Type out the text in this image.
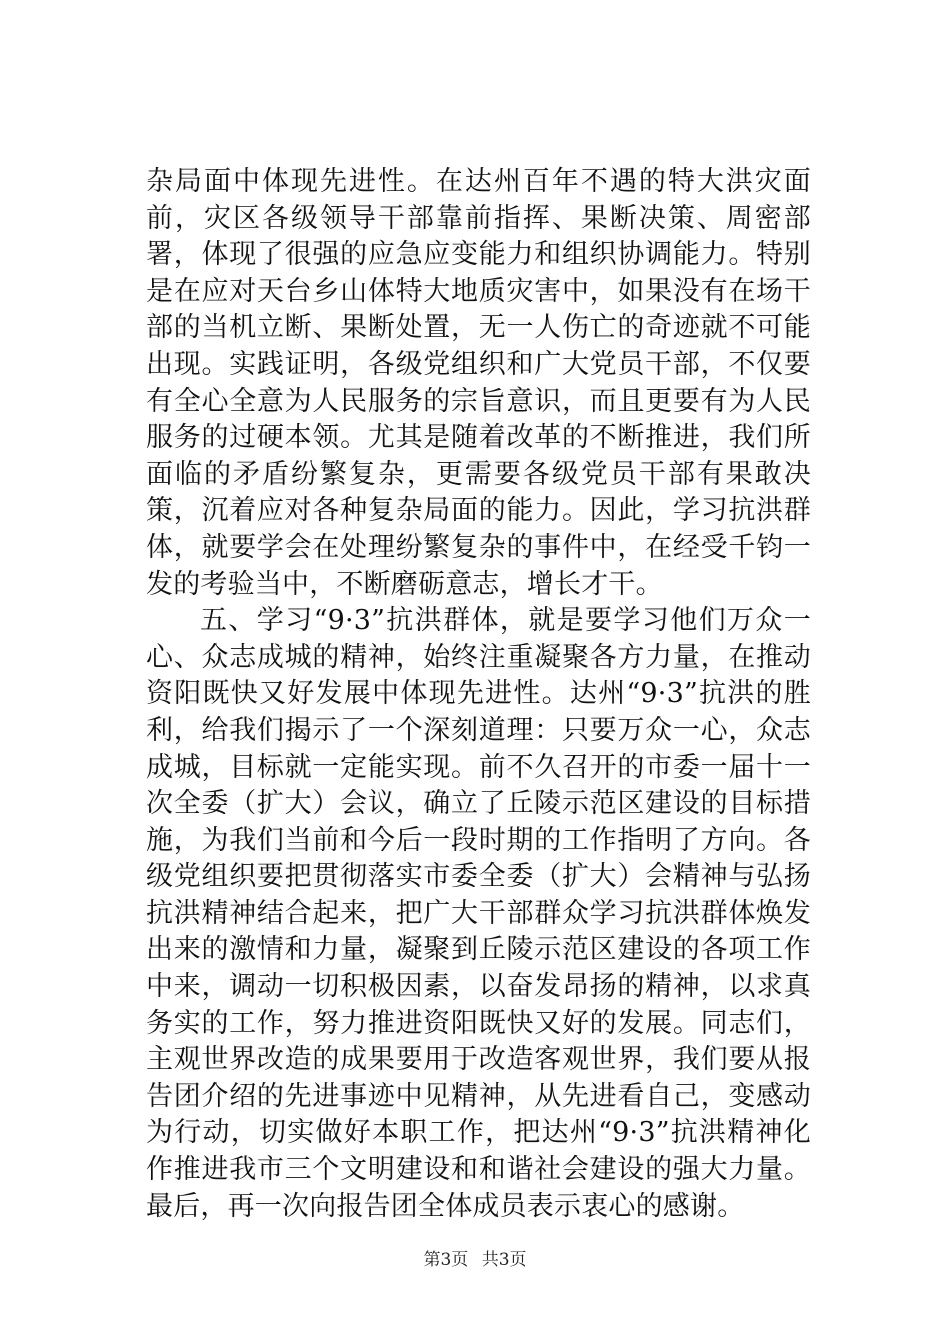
杂局面中体现先进性。在达州百年不遇的特大洪灾面前，灾区各级领导干部靠前指挥、果断决策、周密部署，体现了很强的应急应变能力和组织协调能力。特别是在应对天台乡山体特大地质灾害中，如果没有在场干部的当机立断、果断处置，无一人伤亡的奇迹就不可能出现。实践证明，各级党组织和广大党员干部，不仅要有全心全意为人民服务的宗旨意识，而且更要有为人民服务的过硬本领。尤其是随着改革的不断推进，我们所面临的矛盾纷繁复杂，更需要各级党员干部有果敢决策，沉着应对各种复杂局面的能力。因此，学习抗洪群体，就要学会在处理纷繁复杂的事件中，在经受千钧一发的考验当中，不断磨砺意志，增长才干。

五、学习“9·3”抗洪群体，就是要学习他们万众一心、众志成城的精神，始终注重凝聚各方力量，在推动资阳既快又好发展中体现先进性。达州“9·3”抗洪的胜利，给我们揭示了一个深刻道理：只要万众一心，众志成城，目标就一定能实现。前不久召开的市委一届十一次全委（扩大）会议，确立了丘陵示范区建设的目标措施，为我们当前和今后一段时期的工作指明了方向。各级党组织要把贯彻落实市委全委（扩大）会精神与弘扬抗洪精神结合起来，把广大干部群众学习抗洪群体焕发出来的激情和力量，凝聚到丘陵示范区建设的各项工作中来，调动一切积极因素，以奋发昂扬的精神，以求真务实的工作，努力推进资阳既快又好的发展。同志们，主观世界改造的成果要用于改造客观世界，我们要从报告团介绍的先进事迹中见精神，从先进看自己，变感动为行动，切实做好本职工作，把达州“9·3”抗洪精神化作推进我市三个文明建设和和谐社会建设的强大力量。最后，再一次向报告团全体成员表示衷心的感谢。

第3页 共3页
